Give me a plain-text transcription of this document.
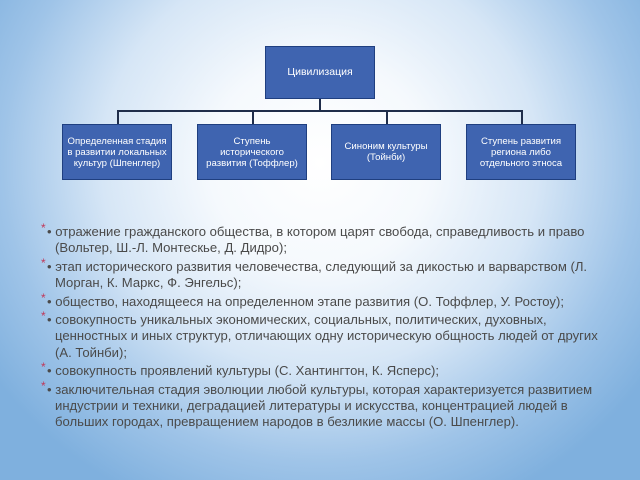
Цивилизация
Определенная стадия в развитии локальных культур (Шпенглер)
Ступень исторического развития (Тоффлер)
Синоним культуры (Тойнби)
Ступень развития региона либо отдельного этноса
* • отражение гражданского общества, в котором царят свобода, справедливость и право (Вольтер, Ш.-Л. Монтескье, Д. Дидро);
* • этап исторического развития человечества, следующий за дикостью и варварством (Л. Морган, К. Маркс, Ф. Энгельс);
* • общество, находящееся на определенном этапе развития (О. Тоффлер, У. Ростоу);
* • совокупность уникальных экономических, социальных, политических, духовных, ценностных и иных структур, отличающих одну историческую общность людей от других (А. Тойнби);
* • совокупность проявлений культуры (С. Хантингтон, К. Ясперс);
* • заключительная стадия эволюции любой культуры, которая характеризуется развитием индустрии и техники, деградацией литературы и искусства, концентрацией людей в больших городах, превращением народов в безликие массы (О. Шпенглер).
